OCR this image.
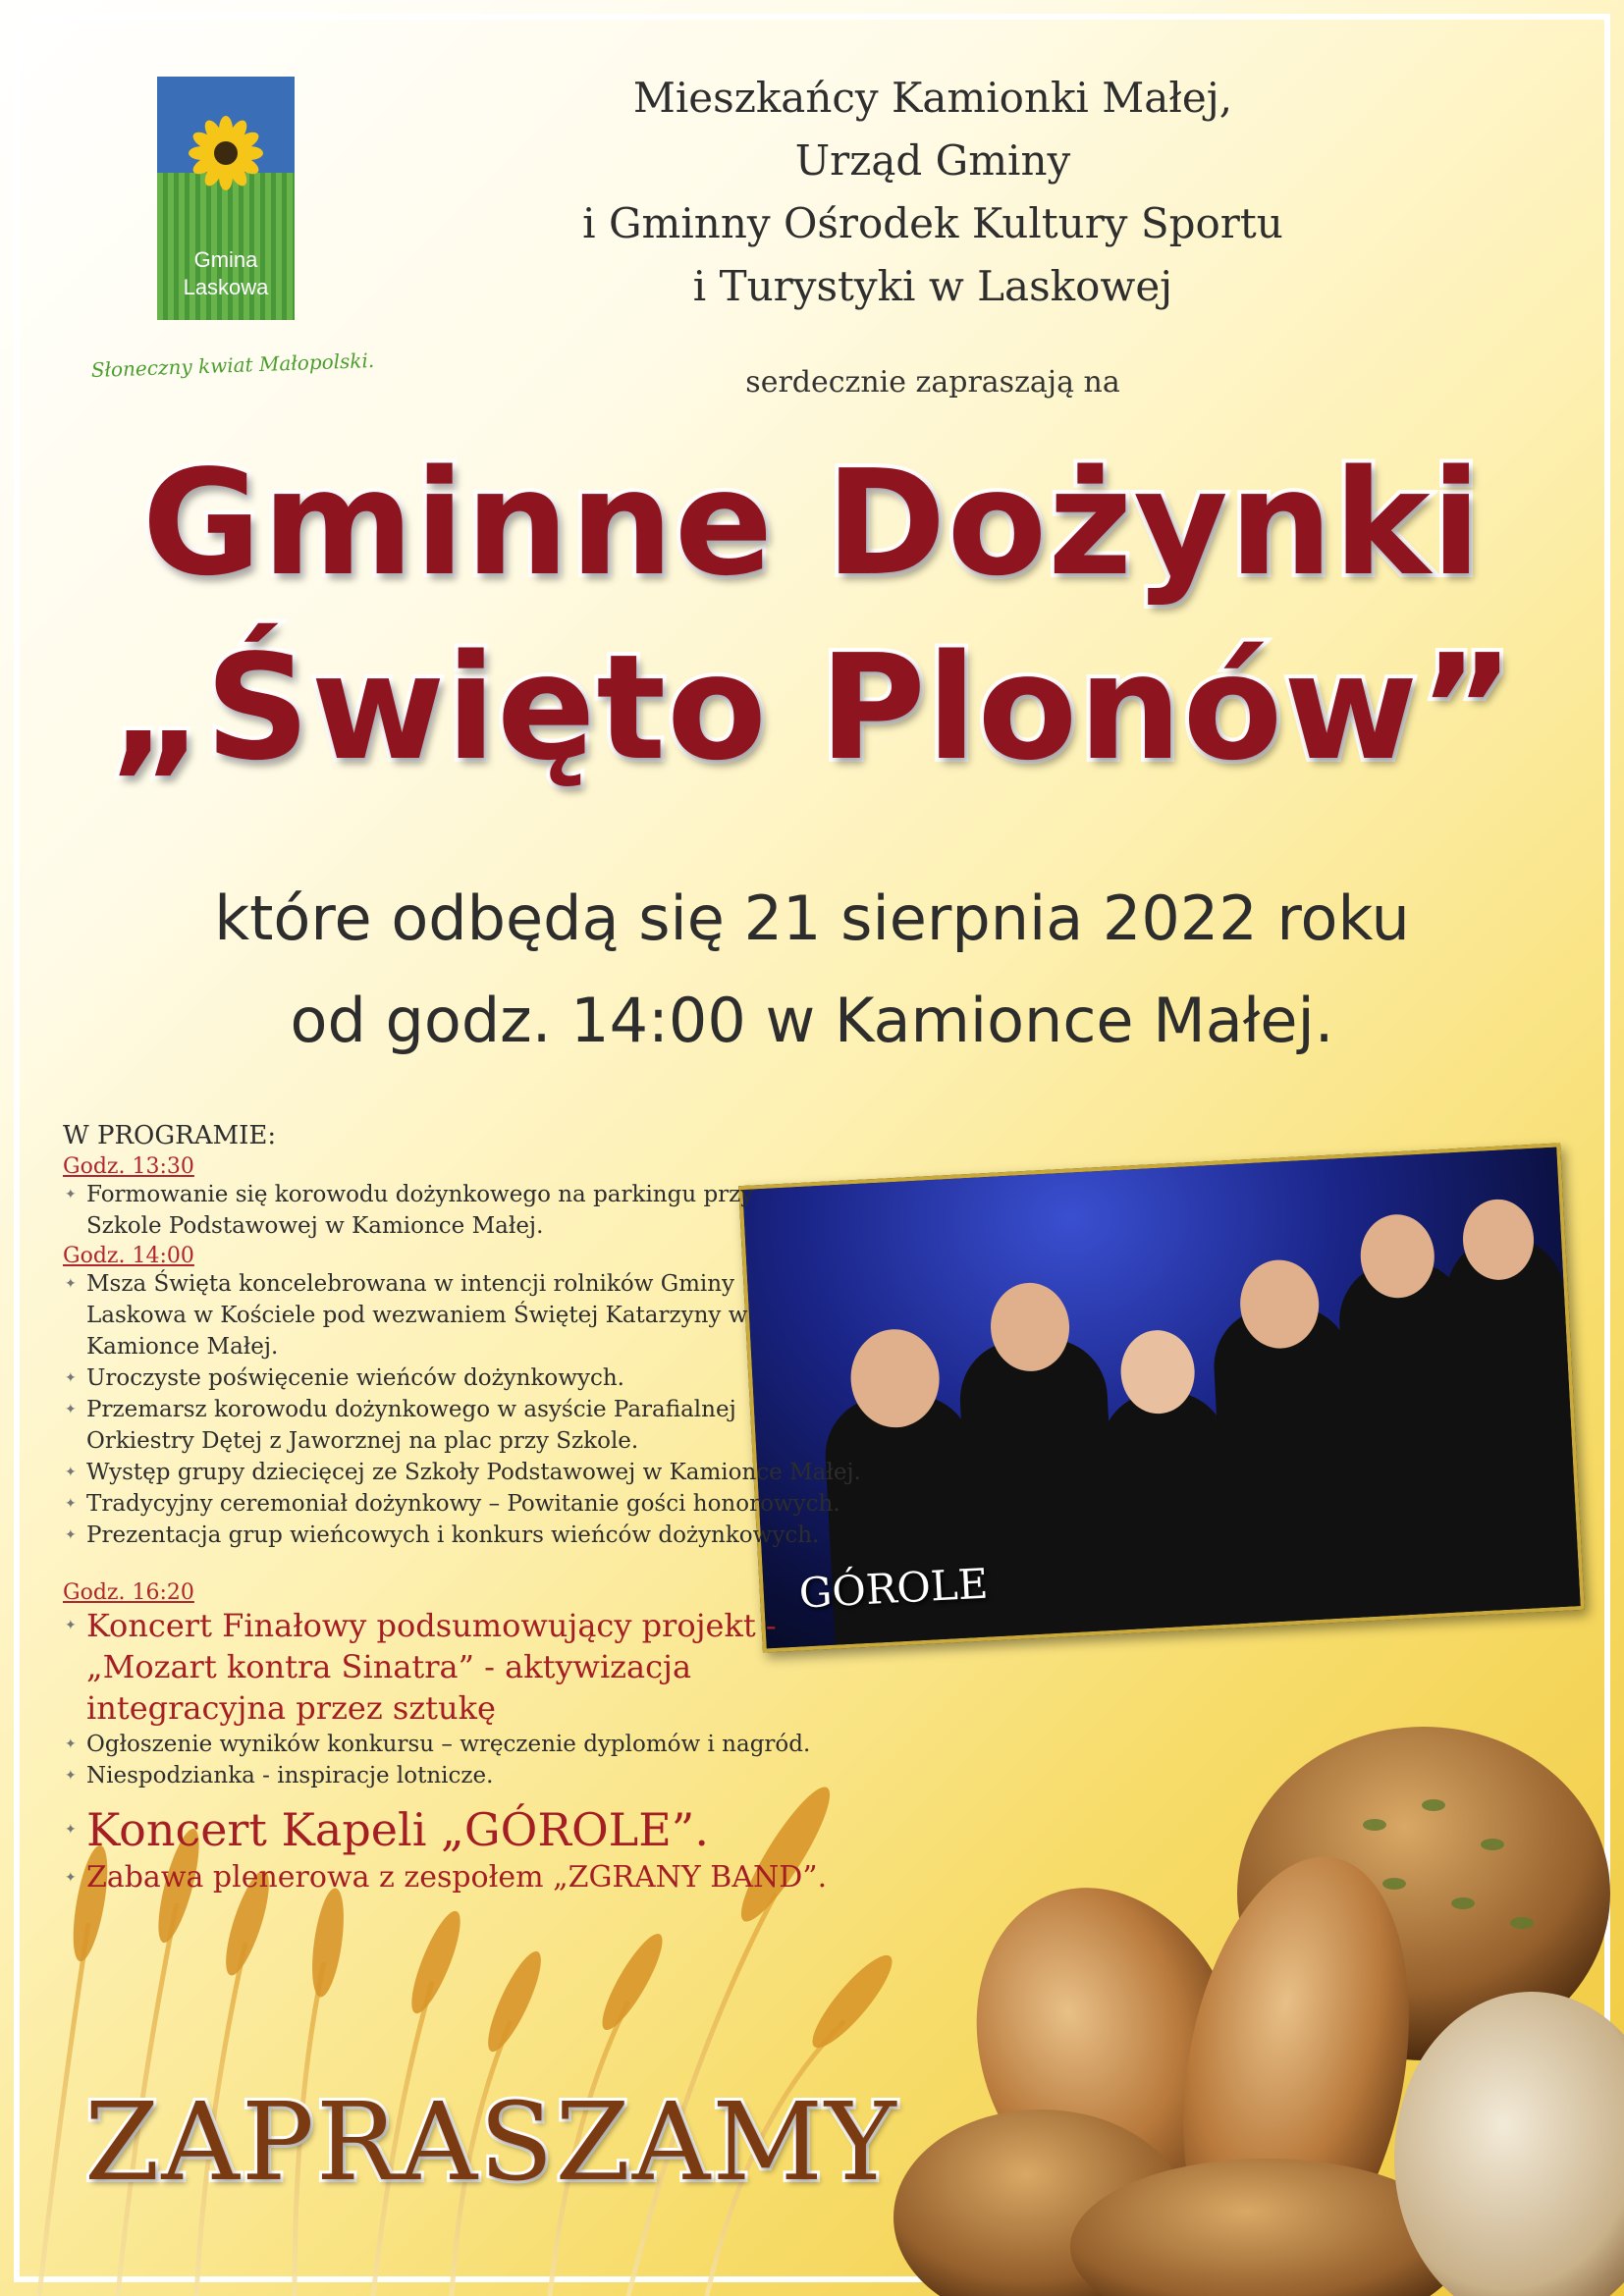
Gmina
Laskowa
Słoneczny kwiat Małopolski.
Mieszkańcy Kamionki Małej,
Urząd Gminy
i Gminny Ośrodek Kultury Sportu
i Turystyki w Laskowej
serdecznie zapraszają na
Gminne Dożynki
„Święto Plonów”
które odbędą się 21 sierpnia 2022 roku
od godz. 14:00 w Kamionce Małej.
GÓROLE
W PROGRAMIE:
Godz. 13:30
✦ Formowanie się korowodu dożynkowego na parkingu przy Szkole Podstawowej w Kamionce Małej.
Godz. 14:00
✦ Msza Święta koncelebrowana w intencji rolników Gminy Laskowa w Kościele pod wezwaniem Świętej Katarzyny w Kamionce Małej.
✦ Uroczyste poświęcenie wieńców dożynkowych.
✦ Przemarsz korowodu dożynkowego w asyście Parafialnej Orkiestry Dętej z Jaworznej na plac przy Szkole.
✦ Występ grupy dziecięcej ze Szkoły Podstawowej w Kamionce Małej.
✦ Tradycyjny ceremoniał dożynkowy – Powitanie gości honorowych.
✦ Prezentacja grup wieńcowych i konkurs wieńców dożynkowych.
Godz. 16:20
✦ Koncert Finałowy podsumowujący projekt - „Mozart kontra Sinatra” - aktywizacja integracyjna przez sztukę
✦ Ogłoszenie wyników konkursu – wręczenie dyplomów i nagród.
✦ Niespodzianka - inspiracje lotnicze.
✦ Koncert Kapeli „GÓROLE”.
✦ Zabawa plenerowa z zespołem „ZGRANY BAND”.
ZAPRASZAMY
